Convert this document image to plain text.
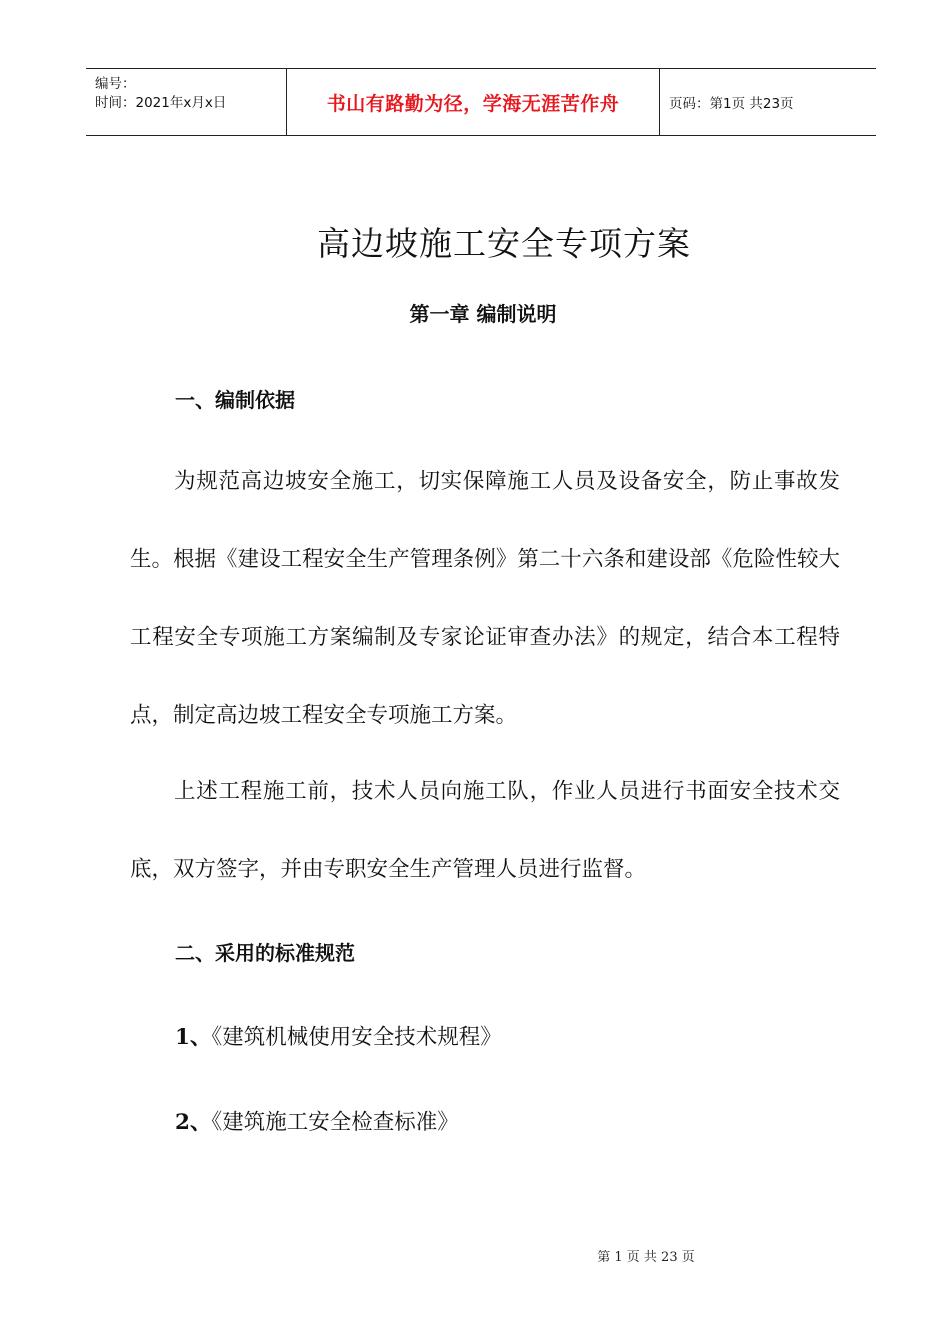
编号：
时间：2021年x月x日	书山有路勤为径，学海无涯苦作舟	页码：第1页 共23页
高边坡施工安全专项方案
第一章 编制说明
一、编制依据

为规范高边坡安全施工，切实保障施工人员及设备安全，防止事故发生。根据《建设工程安全生产管理条例》第二十六条和建设部《危险性较大工程安全专项施工方案编制及专家论证审查办法》的规定，结合本工程特点，制定高边坡工程安全专项施工方案。

上述工程施工前，技术人员向施工队，作业人员进行书面安全技术交底，双方签字，并由专职安全生产管理人员进行监督。

二、采用的标准规范
1、《建筑机械使用安全技术规程》
2、《建筑施工安全检查标准》
第 1 页 共 23 页
